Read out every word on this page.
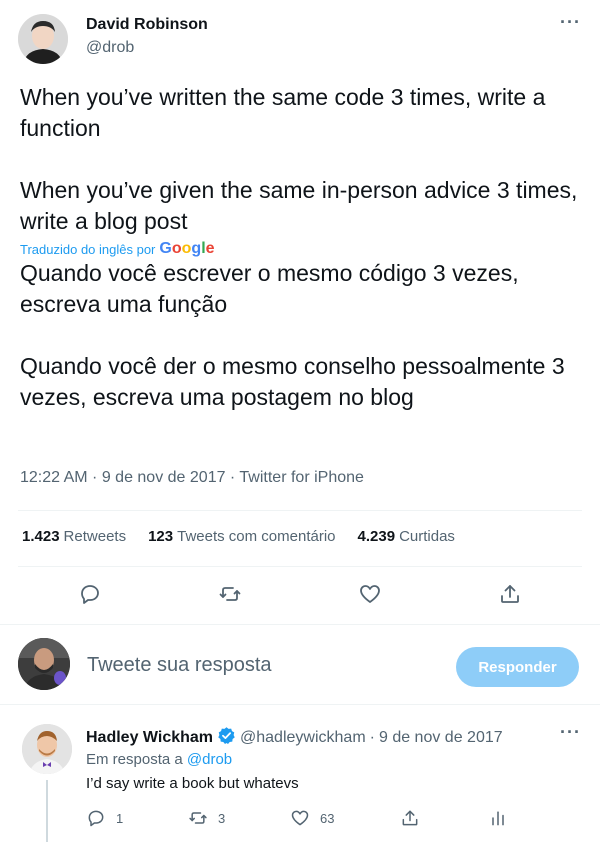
David Robinson
@drob
···
When you’ve written the same code 3 times, write a function

When you’ve given the same in-person advice 3 times, write a blog post
Traduzido do inglês por Google
Quando você escrever o mesmo código 3 vezes, escreva uma função

Quando você der o mesmo conselho pessoalmente 3 vezes, escreva uma postagem no blog
12:22 AM · 9 de nov de 2017 · Twitter for iPhone
1.423 Retweets 123 Tweets com comentário 4.239 Curtidas
Tweete sua resposta
Responder
Hadley Wickham @hadleywickham · 9 de nov de 2017	···
Em resposta a @drob
I’d say write a book but whatevs
1	3	63
